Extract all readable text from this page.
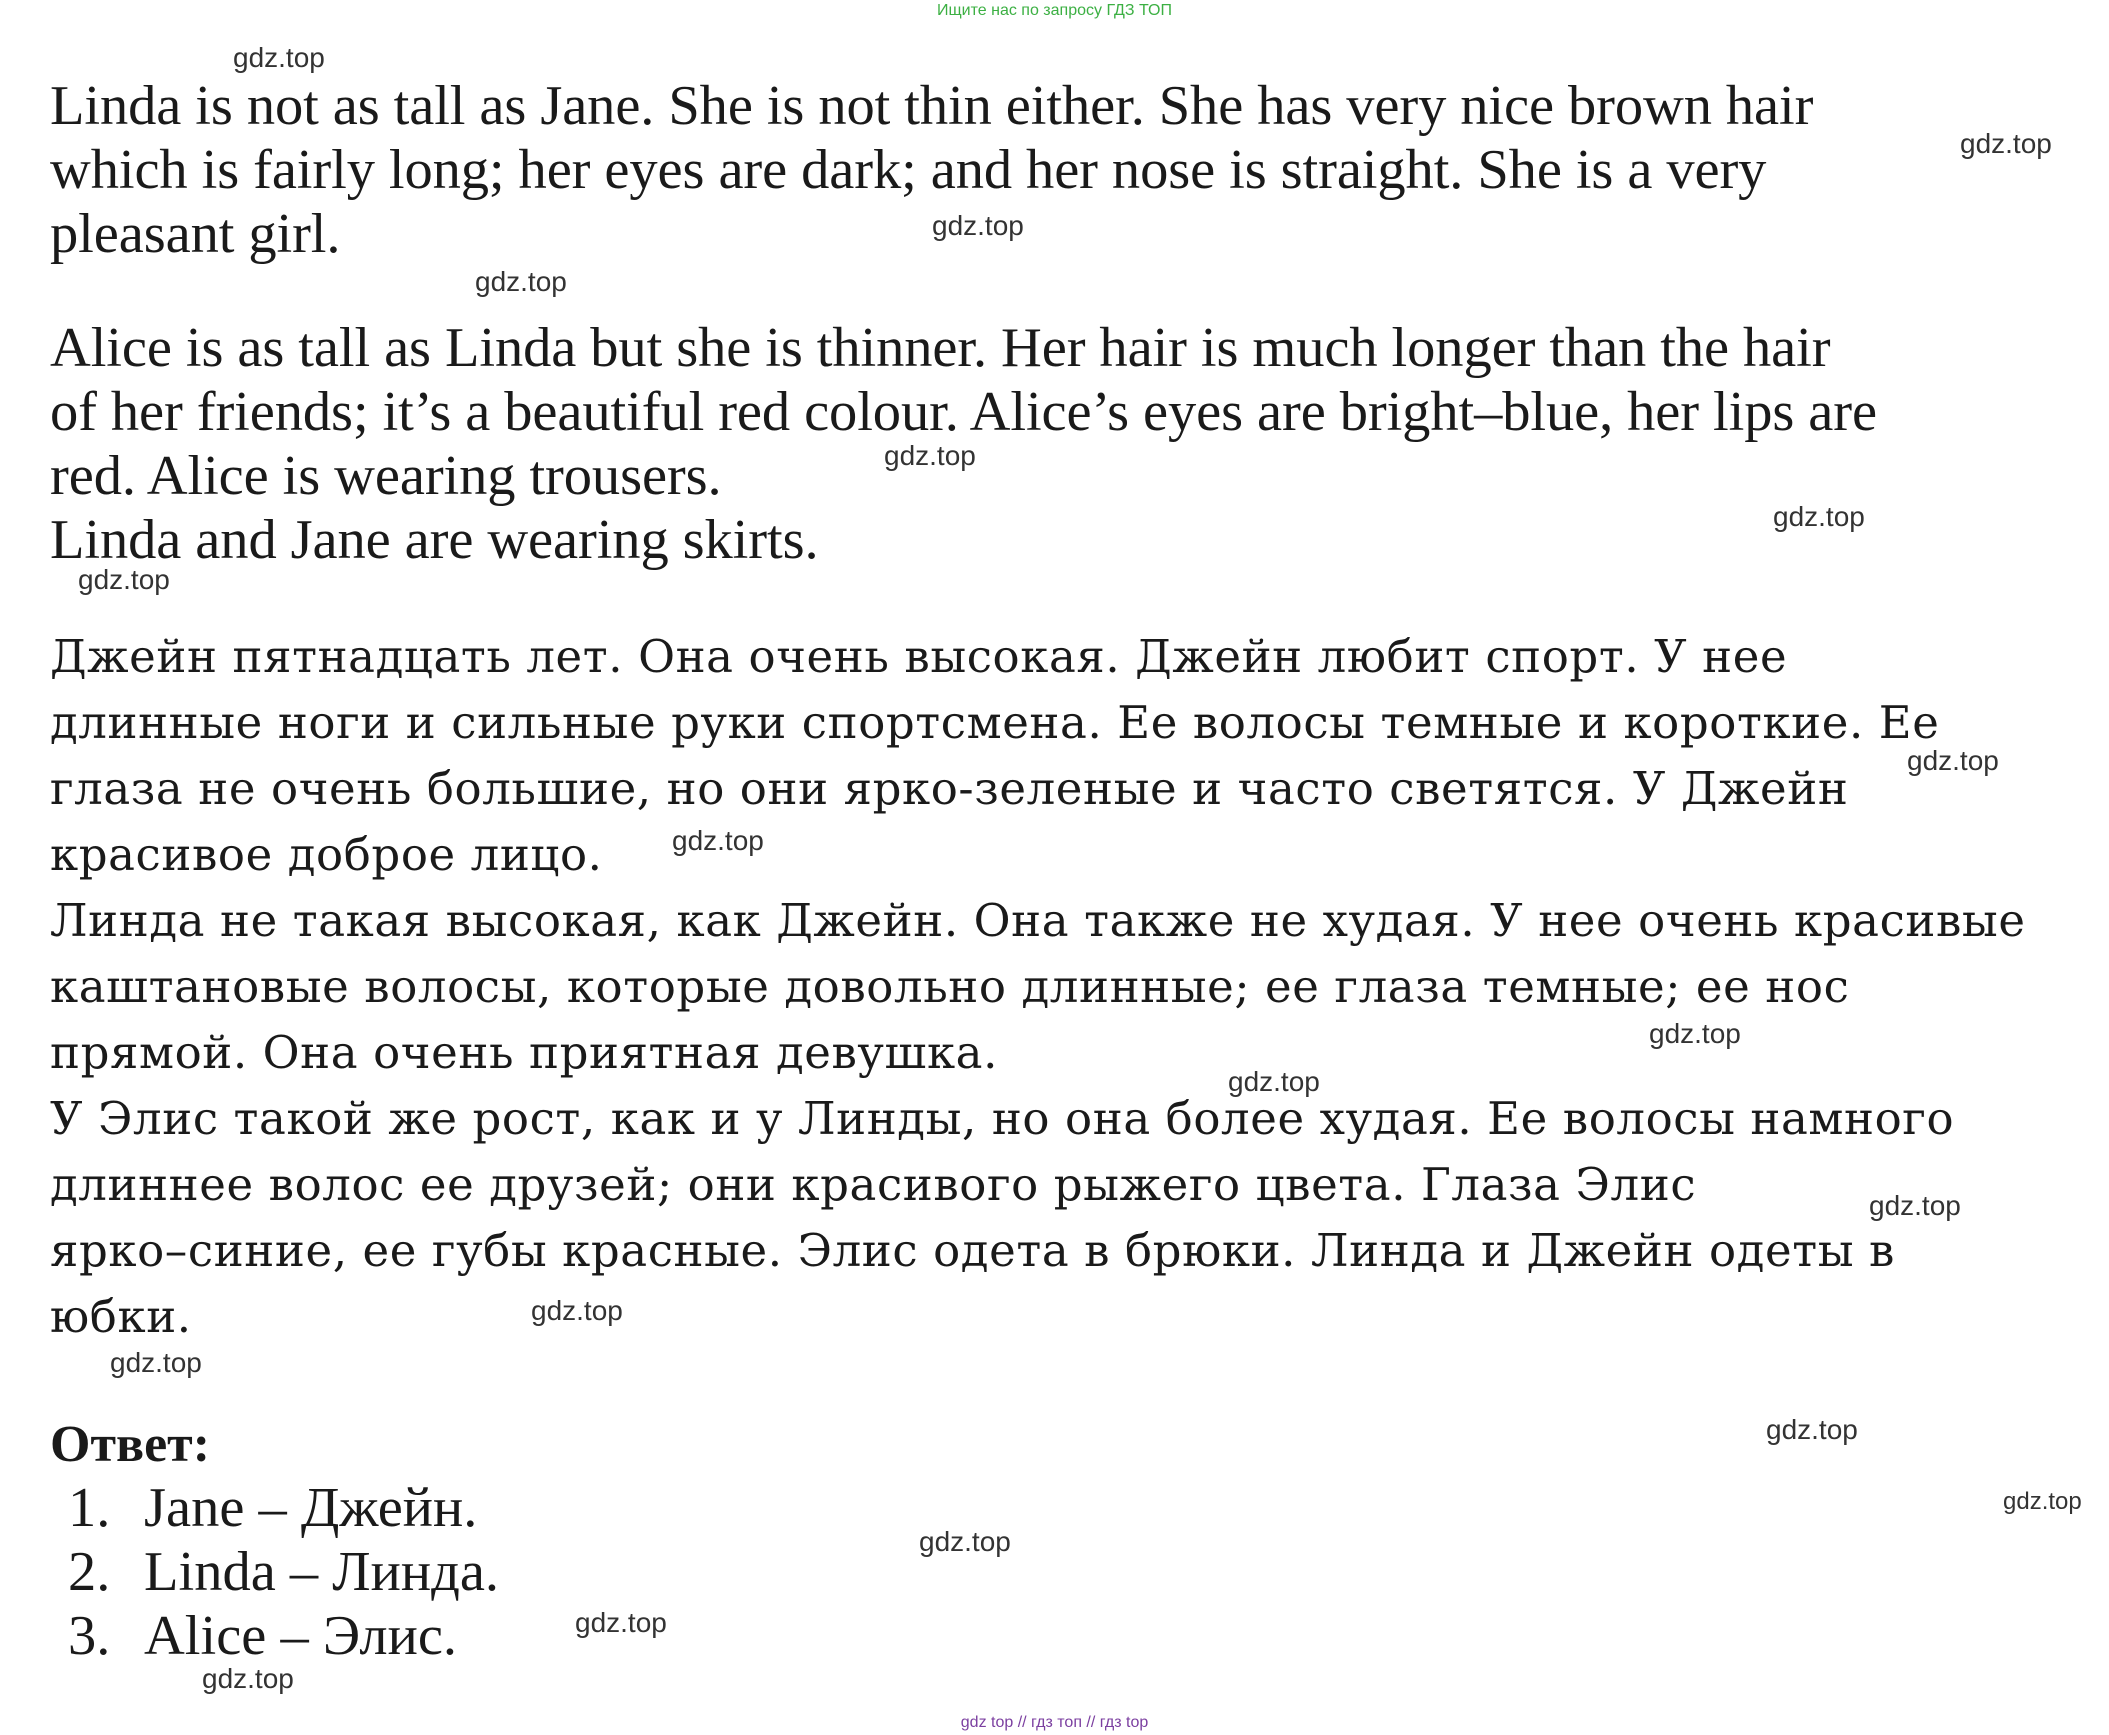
Ищите нас по запросу ГДЗ ТОП

Linda is not as tall as Jane. She is not thin either. She has very nice brown hair
which is fairly long; her eyes are dark; and her nose is straight. She is a very
pleasant girl.

Alice is as tall as Linda but she is thinner. Her hair is much longer than the hair
of her friends; it’s a beautiful red colour. Alice’s eyes are bright–blue, her lips are
red. Alice is wearing trousers.
Linda and Jane are wearing skirts.

Джейн пятнадцать лет. Она очень высокая. Джейн любит спорт. У нее
длинные ноги и сильные руки спортсмена. Ее волосы темные и короткие. Ее
глаза не очень большие, но они ярко-зеленые и часто светятся. У Джейн
красивое доброе лицо.
Линда не такая высокая, как Джейн. Она также не худая. У нее очень красивые
каштановые волосы, которые довольно длинные; ее глаза темные; ее нос
прямой. Она очень приятная девушка.
У Элис такой же рост, как и у Линды, но она более худая. Ее волосы намного
длиннее волос ее друзей; они красивого рыжего цвета. Глаза Элис
ярко–синие, ее губы красные. Элис одета в брюки. Линда и Джейн одеты в
юбки.

Ответ:
1. Jane – Джейн.
2. Linda – Линда.
3. Alice – Элис.
gdz.top
gdz.top
gdz.top
gdz.top
gdz.top
gdz.top
gdz.top
gdz.top
gdz.top
gdz.top
gdz.top
gdz.top
gdz.top
gdz.top
gdz.top
gdz.top
gdz.top
gdz.top
gdz.top
gdz top // гдз топ // гдз top
